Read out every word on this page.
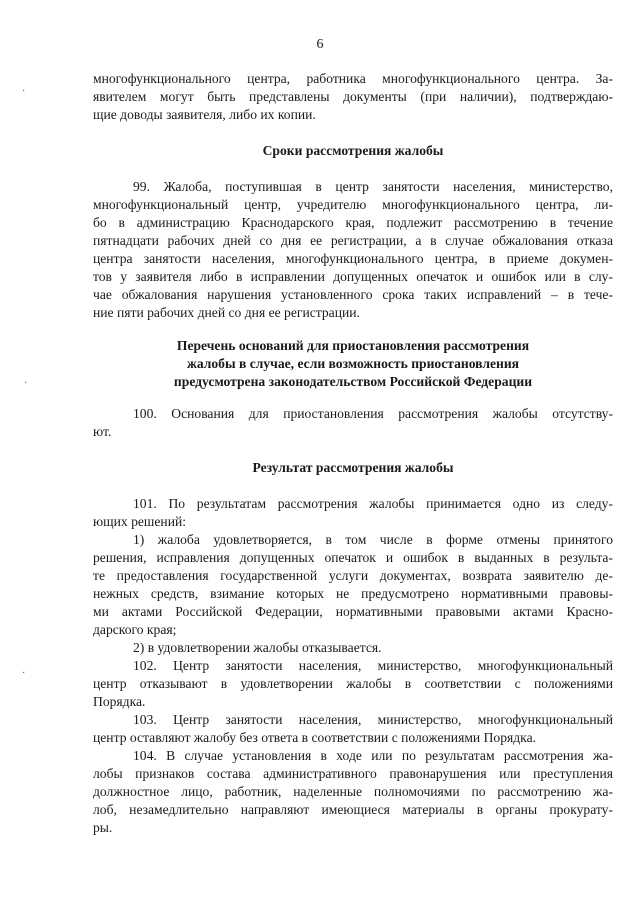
6
·
·
·
многофункционального центра, работника многофункционального центра. За-
явителем могут быть представлены документы (при наличии), подтверждаю-
щие доводы заявителя, либо их копии.
Сроки рассмотрения жалобы
99. Жалоба, поступившая в центр занятости населения, министерство,
многофункциональный центр, учредителю многофункционального центра, ли-
бо в администрацию Краснодарского края, подлежит рассмотрению в течение
пятнадцати рабочих дней со дня ее регистрации, а в случае обжалования отказа
центра занятости населения, многофункционального центра, в приеме докумен-
тов у заявителя либо в исправлении допущенных опечаток и ошибок или в слу-
чае обжалования нарушения установленного срока таких исправлений – в тече-
ние пяти рабочих дней со дня ее регистрации.
Перечень оснований для приостановления рассмотрения
жалобы в случае, если возможность приостановления
предусмотрена законодательством Российской Федерации
100. Основания для приостановления рассмотрения жалобы отсутству-
ют.
Результат рассмотрения жалобы
101. По результатам рассмотрения жалобы принимается одно из следу-
ющих решений:
1) жалоба удовлетворяется, в том числе в форме отмены принятого
решения, исправления допущенных опечаток и ошибок в выданных в результа-
те предоставления государственной услуги документах, возврата заявителю де-
нежных средств, взимание которых не предусмотрено нормативными правовы-
ми актами Российской Федерации, нормативными правовыми актами Красно-
дарского края;
2) в удовлетворении жалобы отказывается.
102. Центр занятости населения, министерство, многофункциональный
центр отказывают в удовлетворении жалобы в соответствии с положениями
Порядка.
103. Центр занятости населения, министерство, многофункциональный
центр оставляют жалобу без ответа в соответствии с положениями Порядка.
104. В случае установления в ходе или по результатам рассмотрения жа-
лобы признаков состава административного правонарушения или преступления
должностное лицо, работник, наделенные полномочиями по рассмотрению жа-
лоб, незамедлительно направляют имеющиеся материалы в органы прокурату-
ры.
